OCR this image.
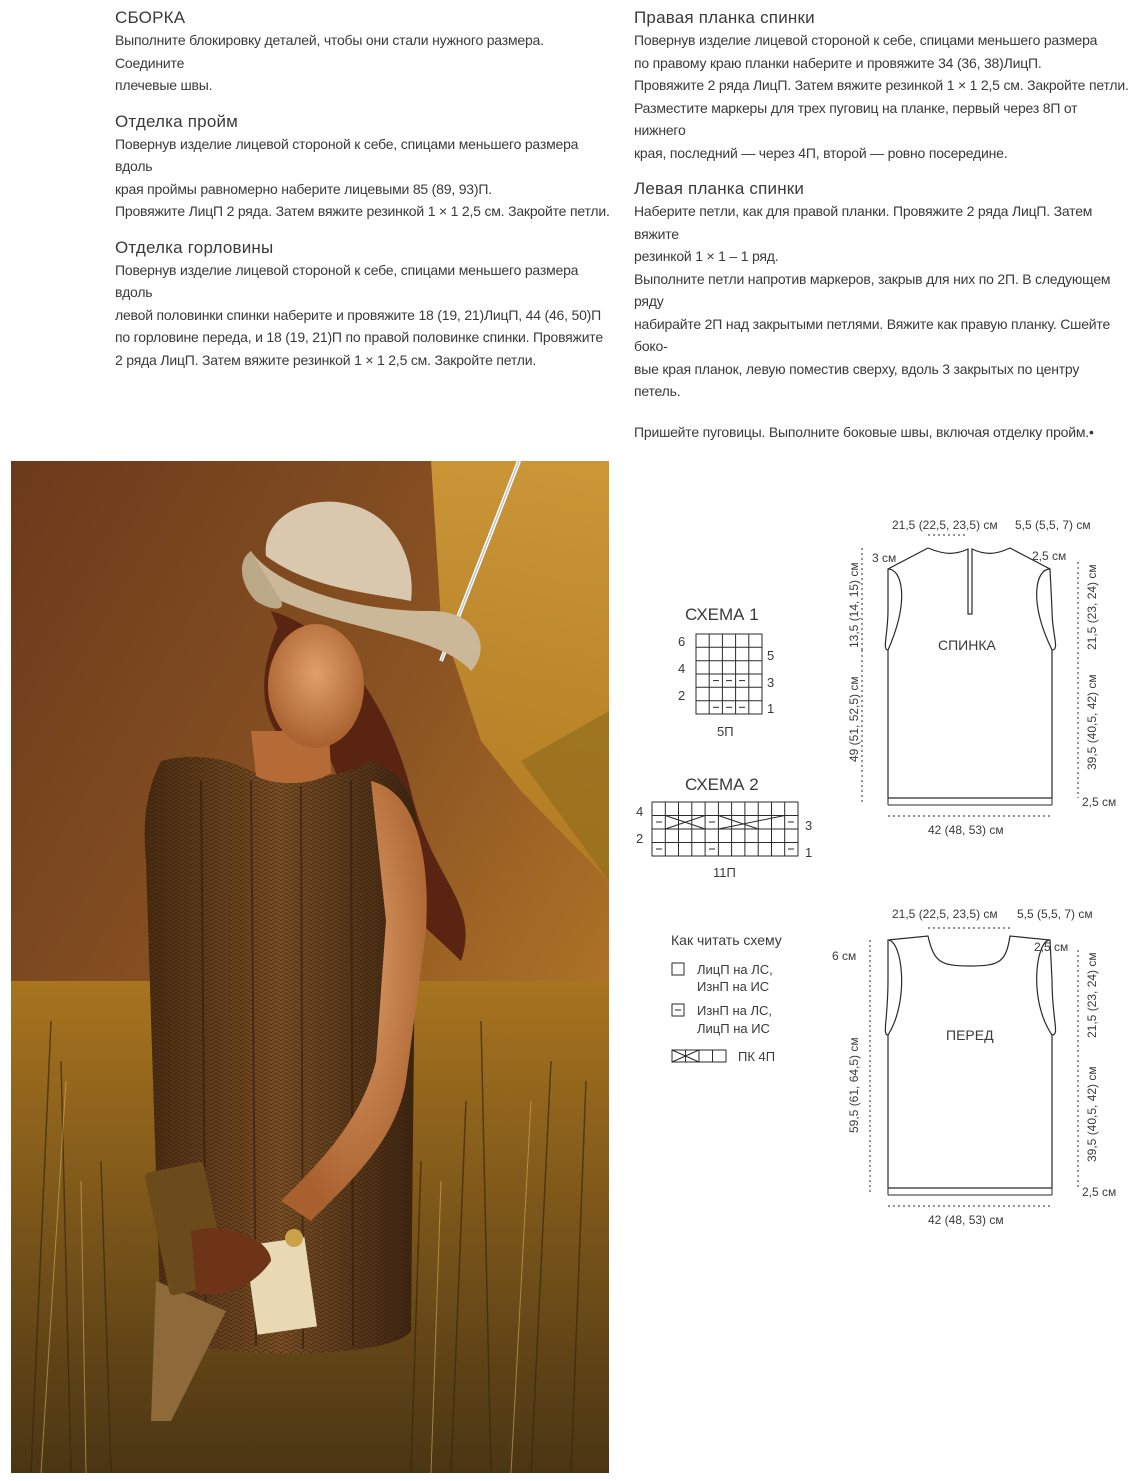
СБОРКА

Выполните блокировку деталей, чтобы они стали нужного размера. Соедините
плечевые швы.

Отделка пройм

Повернув изделие лицевой стороной к себе, спицами меньшего размера вдоль
края проймы равномерно наберите лицевыми 85 (89, 93)П.
Провяжите ЛицП 2 ряда. Затем вяжите резинкой 1 × 1 2,5 см. Закройте петли.

Отделка горловины

Повернув изделие лицевой стороной к себе, спицами меньшего размера вдоль
левой половинки спинки наберите и провяжите 18 (19, 21)ЛицП, 44 (46, 50)П
по горловине переда, и 18 (19, 21)П по правой половинке спинки. Провяжите
2 ряда ЛицП. Затем вяжите резинкой 1 × 1 2,5 см. Закройте петли.

Правая планка спинки

Повернув изделие лицевой стороной к себе, спицами меньшего размера
по правому краю планки наберите и провяжите 34 (36, 38)ЛицП.
Провяжите 2 ряда ЛицП. Затем вяжите резинкой 1 × 1 2,5 см. Закройте петли.
Разместите маркеры для трех пуговиц на планке, первый через 8П от нижнего
края, последний — через 4П, второй — ровно посередине.

Левая планка спинки

Наберите петли, как для правой планки. Провяжите 2 ряда ЛицП. Затем вяжите
резинкой 1 × 1 – 1 ряд.
Выполните петли напротив маркеров, закрыв для них по 2П. В следующем ряду
набирайте 2П над закрытыми петлями. Вяжите как правую планку. Сшейте боко-
вые края планок, левую поместив сверху, вдоль 3 закрытых по центру петель.

Пришейте пуговицы. Выполните боковые швы, включая отделку пройм.•

СХЕМА 1
6
4
2
5
3
1
5П
СХЕМА 2
4
2
3
1
11П
Как читать схему
ЛицП на ЛС,
ИзнП на ИС
ИзнП на ЛС,
ЛицП на ИС
ПК 4П
СПИНКА
21,5 (22,5, 23,5) см 5,5 (5,5, 7) см
3 см	2,5 см
13,5 (14, 15) см
49 (51, 52,5) см
21,5 (23, 24) см
39,5 (40,5, 42) см
2,5 см
42 (48, 53) см
ПЕРЕД
21,5 (22,5, 23,5) см 5,5 (5,5, 7) см
6 см
2,5 см
59,5 (61, 64,5) см
21,5 (23, 24) см
39,5 (40,5, 42) см
2,5 см
42 (48, 53) см
